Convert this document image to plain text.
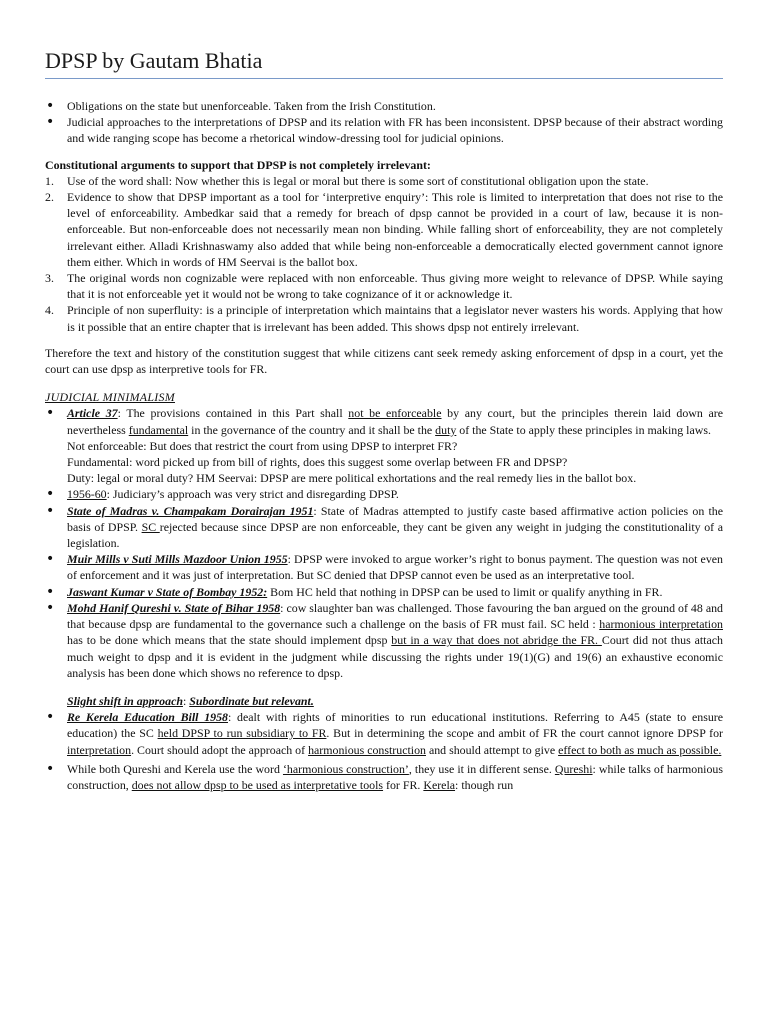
DPSP by Gautam Bhatia
• Obligations on the state but unenforceable. Taken from the Irish Constitution.
• Judicial approaches to the interpretations of DPSP and its relation with FR has been inconsistent. DPSP because of their abstract wording and wide ranging scope has become a rhetorical window-dressing tool for judicial opinions.
Constitutional arguments to support that DPSP is not completely irrelevant:
1. Use of the word shall: Now whether this is legal or moral but there is some sort of constitutional obligation upon the state.
2. Evidence to show that DPSP important as a tool for ‘interpretive enquiry’: This role is limited to interpretation that does not rise to the level of enforceability. Ambedkar said that a remedy for breach of dpsp cannot be provided in a court of law, because it is non-enforceable. But non-enforceable does not necessarily mean non binding. While falling short of enforceability, they are not completely irrelevant either. Alladi Krishnaswamy also added that while being non-enforceable a democratically elected government cannot ignore them either. Which in words of HM Seervai is the ballot box.
3. The original words non cognizable were replaced with non enforceable. Thus giving more weight to relevance of DPSP. While saying that it is not enforceable yet it would not be wrong to take cognizance of it or acknowledge it.
4. Principle of non superfluity: is a principle of interpretation which maintains that a legislator never wasters his words. Applying that how is it possible that an entire chapter that is irrelevant has been added. This shows dpsp not entirely irrelevant.
Therefore the text and history of the constitution suggest that while citizens cant seek remedy asking enforcement of dpsp in a court, yet the court can use dpsp as interpretive tools for FR.
JUDICIAL MINIMALISM
• Article 37: The provisions contained in this Part shall not be enforceable by any court, but the principles therein laid down are nevertheless fundamental in the governance of the country and it shall be the duty of the State to apply these principles in making laws.
Not enforceable: But does that restrict the court from using DPSP to interpret FR?
Fundamental: word picked up from bill of rights, does this suggest some overlap between FR and DPSP?
Duty: legal or moral duty? HM Seervai: DPSP are mere political exhortations and the real remedy lies in the ballot box.
• 1956-60: Judiciary’s approach was very strict and disregarding DPSP.
• State of Madras v. Champakam Dorairajan 1951: State of Madras attempted to justify caste based affirmative action policies on the basis of DPSP. SC rejected because since DPSP are non enforceable, they cant be given any weight in judging the constitutionality of a legislation.
• Muir Mills v Suti Mills Mazdoor Union 1955: DPSP were invoked to argue worker’s right to bonus payment. The question was not even of enforcement and it was just of interpretation. But SC denied that DPSP cannot even be used as an interpretative tool.
• Jaswant Kumar v State of Bombay 1952: Bom HC held that nothing in DPSP can be used to limit or qualify anything in FR.
• Mohd Hanif Qureshi v. State of Bihar 1958: cow slaughter ban was challenged. Those favouring the ban argued on the ground of 48 and that because dpsp are fundamental to the governance such a challenge on the basis of FR must fail. SC held : harmonious interpretation has to be done which means that the state should implement dpsp but in a way that does not abridge the FR. Court did not thus attach much weight to dpsp and it is evident in the judgment while discussing the rights under 19(1)(G) and 19(6) an exhaustive economic analysis has been done which shows no reference to dpsp.
Slight shift in approach: Subordinate but relevant.
• Re Kerela Education Bill 1958: dealt with rights of minorities to run educational institutions. Referring to A45 (state to ensure education) the SC held DPSP to run subsidiary to FR. But in determining the scope and ambit of FR the court cannot ignore DPSP for interpretation. Court should adopt the approach of harmonious construction and should attempt to give effect to both as much as possible.
• While both Qureshi and Kerela use the word ‘harmonious construction’, they use it in different sense. Qureshi: while talks of harmonious construction, does not allow dpsp to be used as interpretative tools for FR. Kerela: though run
